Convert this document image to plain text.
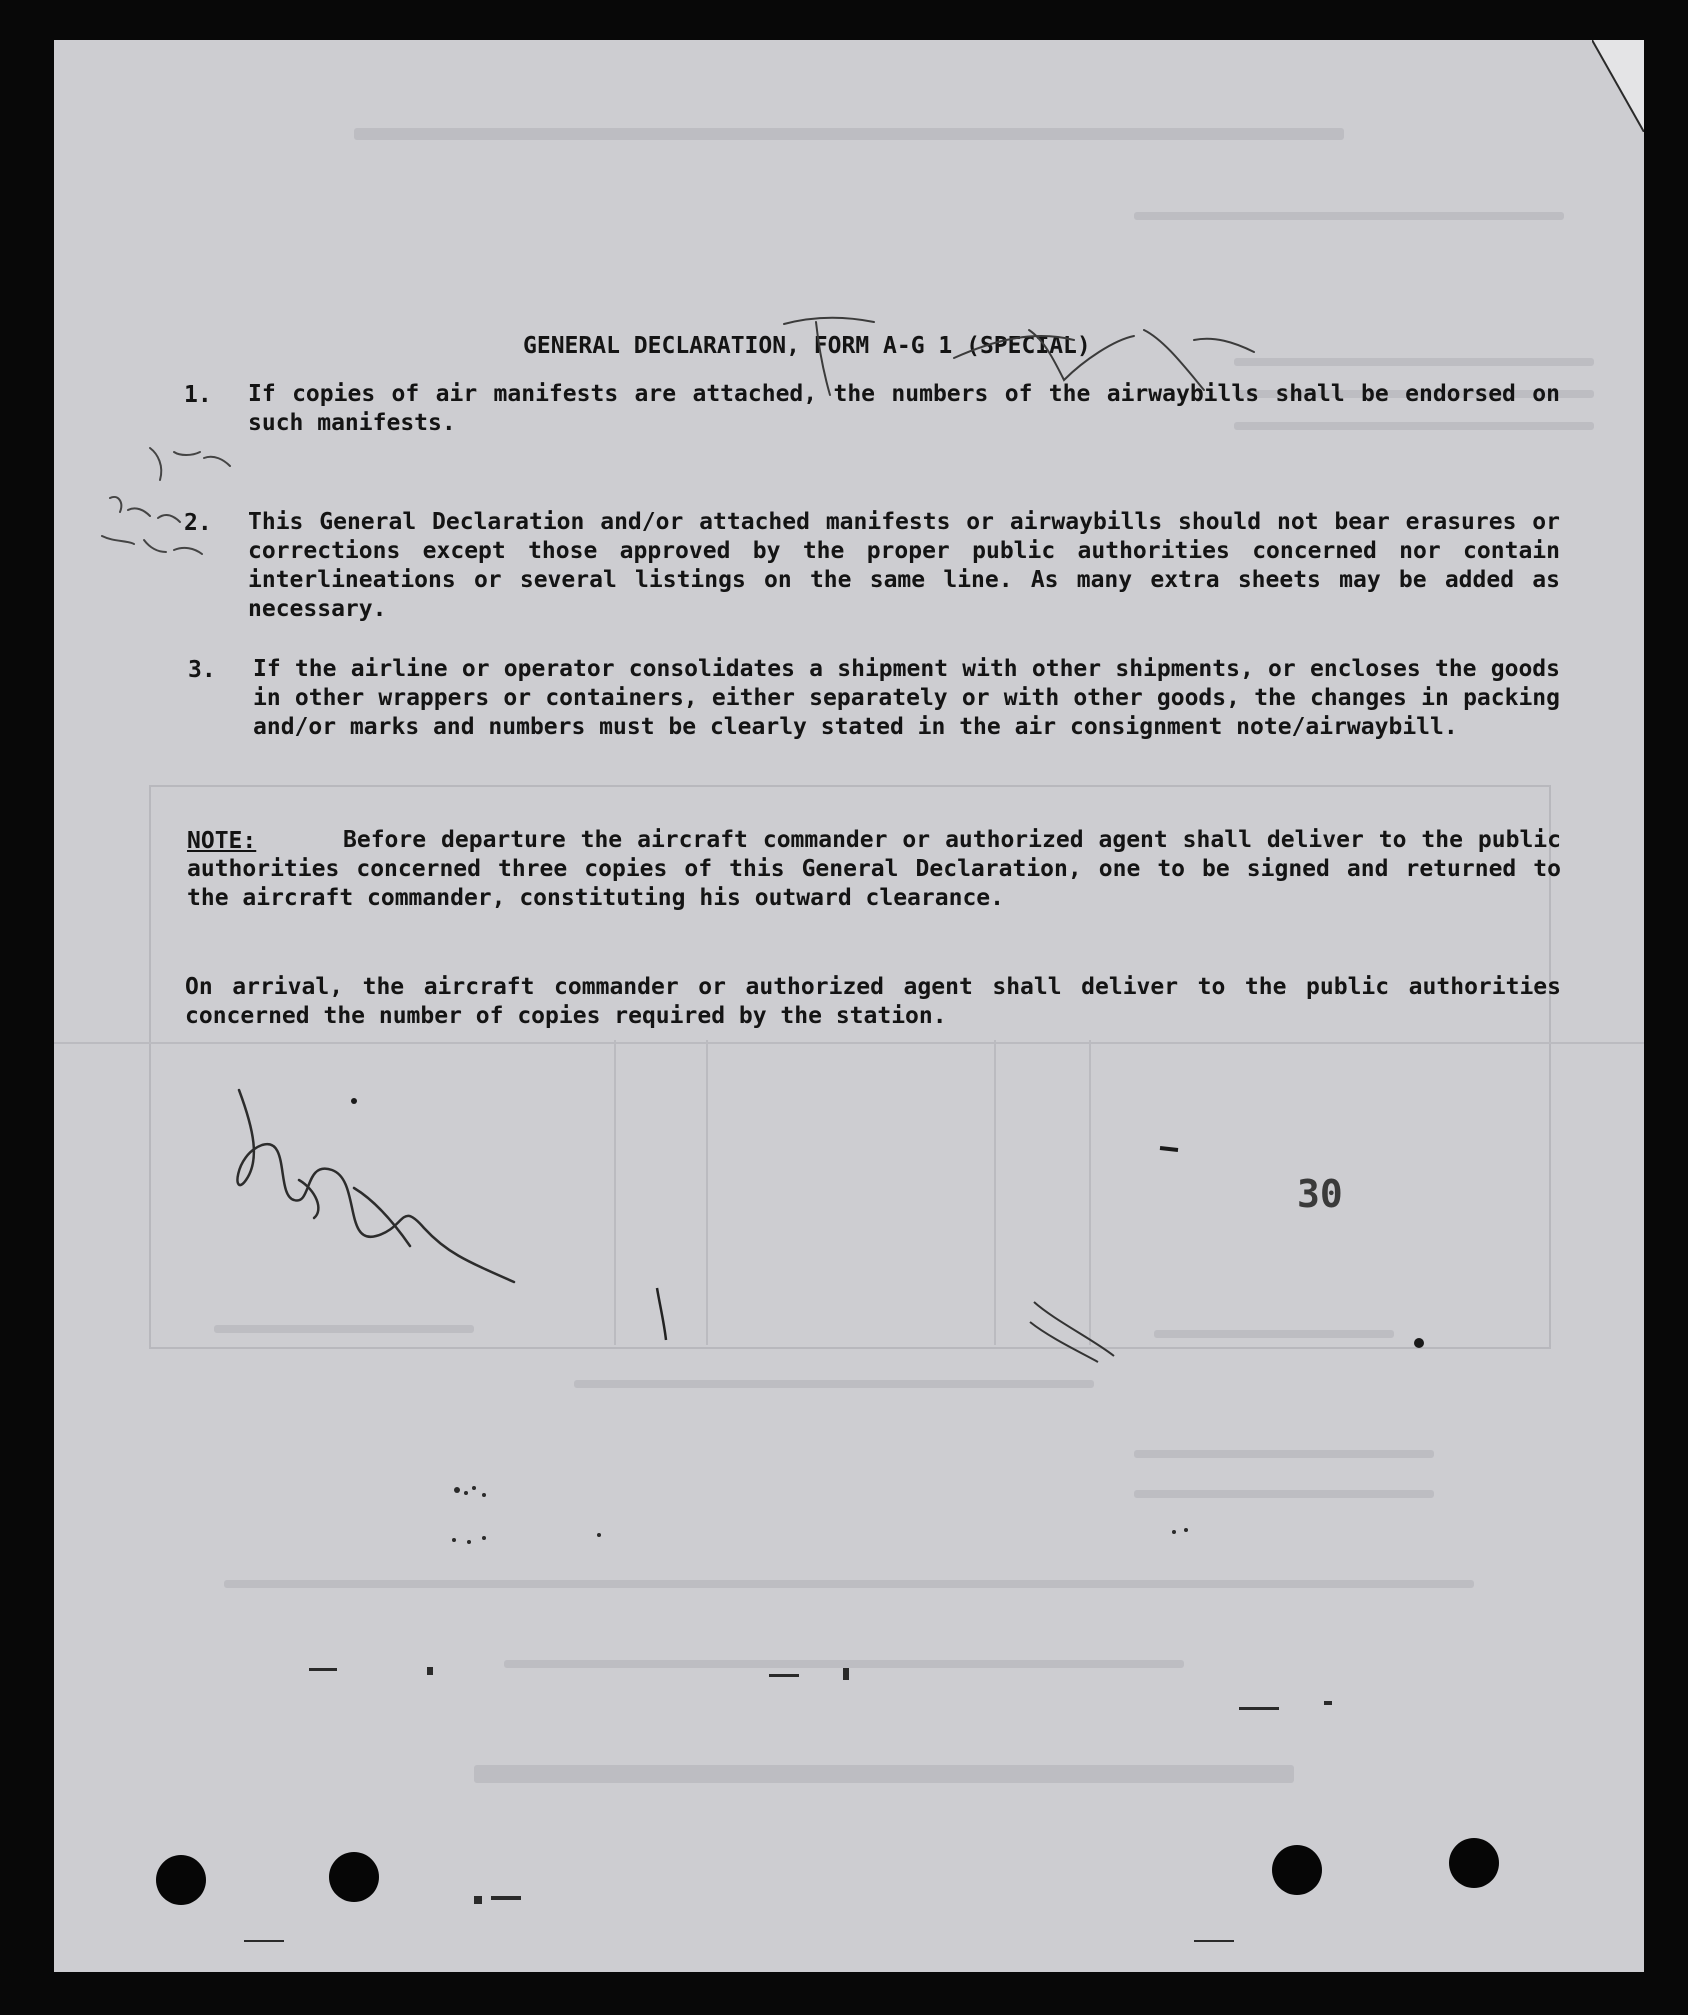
GENERAL DECLARATION, FORM A-G 1 (SPECIAL)
1. If copies of air manifests are attached, the numbers of the airwaybills shall be endorsed on such manifests.
2. This General Declaration and/or attached manifests or airwaybills should not bear erasures or corrections except those approved by the proper public authorities concerned nor contain interlineations or several listings on the same line. As many extra sheets may be added as necessary.
3. If the airline or operator consolidates a shipment with other shipments, or encloses the goods in other wrappers or containers, either separately or with other goods, the changes in packing and/or marks and numbers must be clearly stated in the air consignment note/airwaybill.
NOTE:	Before departure the aircraft commander or authorized agent shall deliver to the public authorities concerned three copies of this General Declaration, one to be signed and returned to the aircraft commander, constituting his outward clearance.
On arrival, the aircraft commander or authorized agent shall deliver to the public authorities concerned the number of copies required by the station.
30
